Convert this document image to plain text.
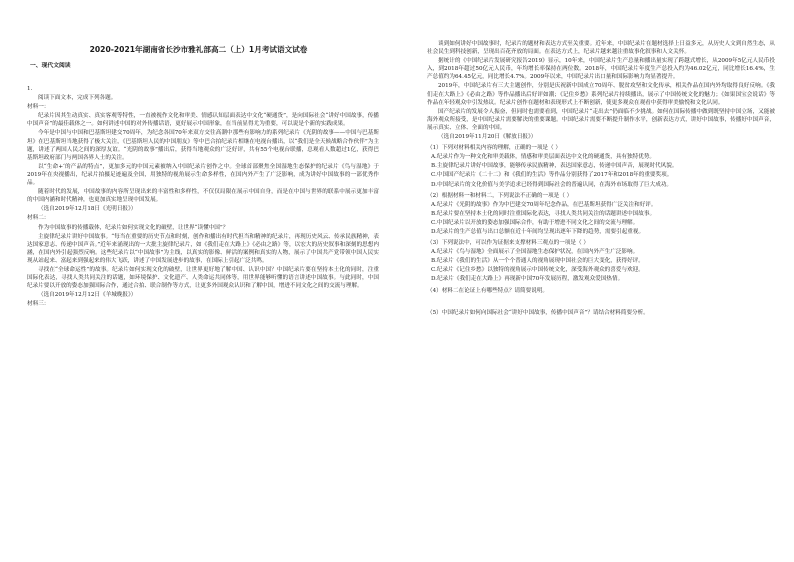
2020-2021年湖南省长沙市雅礼部高二（上）1月考试语文试卷
一、现代文阅读

1.

阅读下面文本，完成下列各题。

材料一：

纪录片因其生动真实、真实客观等特性，一直被视作文化和审美、情感认知层面表达中文化“硬通货”，是向国际社会“讲好中国故事，传播中国声音”的最佳载体之一。如何讲述中国的对外传播话语，更好展示中国形象，在当前显得尤为重要，可以说是个新的实践成果。

今年是中国与中国和巴基斯坦建交70周年，为纪念各国70年来双方交往高潮中那些有影响力的系列纪录片《光阴的故事——中国与巴基斯坦》在巴基斯坦当地获得了极大关注，《巴基斯坦人民的中国朋友》等中巴合拍纪录片相继在电视台播出，以“我们是全天候战略合作伙伴”为主题，讲述了两国人民之间的深厚友谊。“光阴的故事”播出后，获得当地观众的广泛好评，共有55个电视台联播，总观看人数超过1亿，获得巴基斯坦政府部门与两国各界人士的关注。

以“生命+‘的产品的特点”，更加多元的中国元素被纳入中国纪录片创作之中。全球首部聚焦全国湿地生态保护的纪录片《鸟与湿地》于2019年在央视播出，纪录片拍摄足迹遍及全国，用独特的视角展示生命多样性，在国内外产生了广泛影响，成为讲好中国故事的一部优秀作品。

随着时代的发展，中国故事的内容所呈现出来的丰富性和多样性，不仅仅局限在展示中国自身，而是在中国与世界的联系中展示更加丰富的中国内涵和时代精神，也更加真实地呈现中国发展。

（选自2019年12月18日《光明日报》）

材料二：

作为中国故事的传播载体，纪录片如何实现文化的破壁，让世界“读懂中国”？

主旋律纪录片讲好中国故事。“每当在重要的历史节点和时刻，创作和播出有时代担当和精神的纪录片，再现历史风云、传承民族精神，表达国家意志、传递中国声音。”近年来涌现出的一大批主旋律纪录片，如《我们走在大路上》《必由之路》等，以宏大的历史叙事和深刻的思想内涵，在国内外引起强烈反响。这些纪录片以“中国故事”为主线，以真实的影像、鲜活的案例和真实的人物，展示了中国共产党带领中国人民实现从站起来、富起来到强起来的伟大飞跃，讲述了中国发展进步的故事，在国际上引起广泛共鸣。

寻找在“全球命运性”的故事。纪录片如何实现文化的破壁，让世界更好地了解中国、认识中国？中国纪录片要在坚持本土化的同时，注重国际化表达，寻找人类共同关注的话题，如环境保护、文化遗产、人类命运共同体等，用世界能够听懂的语言讲述中国故事。与此同时，中国纪录片要以开放的姿态加强国际合作，通过合拍、联合制作等方式，让更多外国观众认识和了解中国，增进不同文化之间的交流与理解。

（选自2019年12月12日《羊城晚报》）

材料三：

谈到如何讲好中国故事时，纪录片的题材和表达方式至关重要。近年来，中国纪录片在题材选择上日益多元，从历史人文到自然生态，从社会民生到科技创新，呈现出百花齐放的局面。在表达方式上，纪录片越来越注重故事化叙事和人文关怀。

据统计的《中国纪录片发展研究报告2019》显示，10年来，中国纪录片生产总量和播出量实现了跨越式增长，从2009年5亿元人民币投入，到2018年超过50亿元人民币，年均增长率保持在两位数。2018年，中国纪录片年度生产总投入约为46.02亿元，同比增长16.4%，生产总值约为64.45亿元，同比增长4.7%。2009年以来，中国纪录片出口量和国际影响力均显著提升。

2019年，中国纪录片有三大主题创作，分别是庆祝新中国成立70周年、脱贫攻坚和文化传承，相关作品在国内外均取得良好反响。《我们走在大路上》《必由之路》等作品播出后好评如潮；《记住乡愁》系列纪录片持续播出，展示了中国传统文化的魅力；《如果国宝会说话》等作品在年轻观众中引发热议。纪录片创作在题材和表现形式上不断创新，使更多观众在观看中获得审美愉悦和文化认同。

国产纪录片的发展令人振奋，但同时也需要看到，中国纪录片“走出去”仍面临不少挑战。如何在国际传播中做到既坚持中国立场，又能被海外观众所接受，是中国纪录片需要解决的重要课题。中国纪录片需要不断提升制作水平，创新表达方式，讲好中国故事，传播好中国声音，展示真实、立体、全面的中国。

（选自2019年11月20日《解放日报》）

（1）下列对材料相关内容的理解，正确的一项是（ ）

A.纪录片作为一种文化和审美载体，情感和审美层面表达中文化的硬通货，具有独特优势。

B.主旋律纪录片讲好中国故事，能够传承民族精神，表达国家意志，传递中国声音，展现时代风貌。

C.中国国产纪录片《二十二》和《我们的生活》等作品分别获得了2017年和2018年的重要奖项。

D.中国纪录片的文化价值与美学追求已经得到国际社会的普遍认同，在海外市场取得了巨大成功。

（2）根据材料一和材料二，下列说法不正确的一项是（ ）

A.纪录片《光阴的故事》作为中巴建交70周年纪念作品，在巴基斯坦获得广泛关注和好评。

B.纪录片要在坚持本土化的同时注重国际化表达，寻找人类共同关注的话题讲述中国故事。

C.中国纪录片以开放的姿态加强国际合作，有助于增进不同文化之间的交流与理解。

D.纪录片的生产总值与出口总额在近十年间均呈现出逐年下降的趋势，需要引起重视。

（3）下列说法中，可以作为证据来支撑材料三观点的一项是（ ）

A.纪录片《鸟与湿地》全面展示了全国湿地生态保护状况，在国内外产生广泛影响。

B.纪录片《我们的生活》从一个个普通人的视角展现中国社会的巨大变化，获得好评。

C.纪录片《记住乡愁》以独特的视角展示中国传统文化，深受海外观众的喜爱与欢迎。

D.纪录片《我们走在大路上》再现新中国70年发展历程，激发观众爱国热情。

（4）材料二在论证上有哪些特点？请简要说明。

（5）中国纪录片如何向国际社会“讲好中国故事，传播中国声音”？请结合材料简要分析。
